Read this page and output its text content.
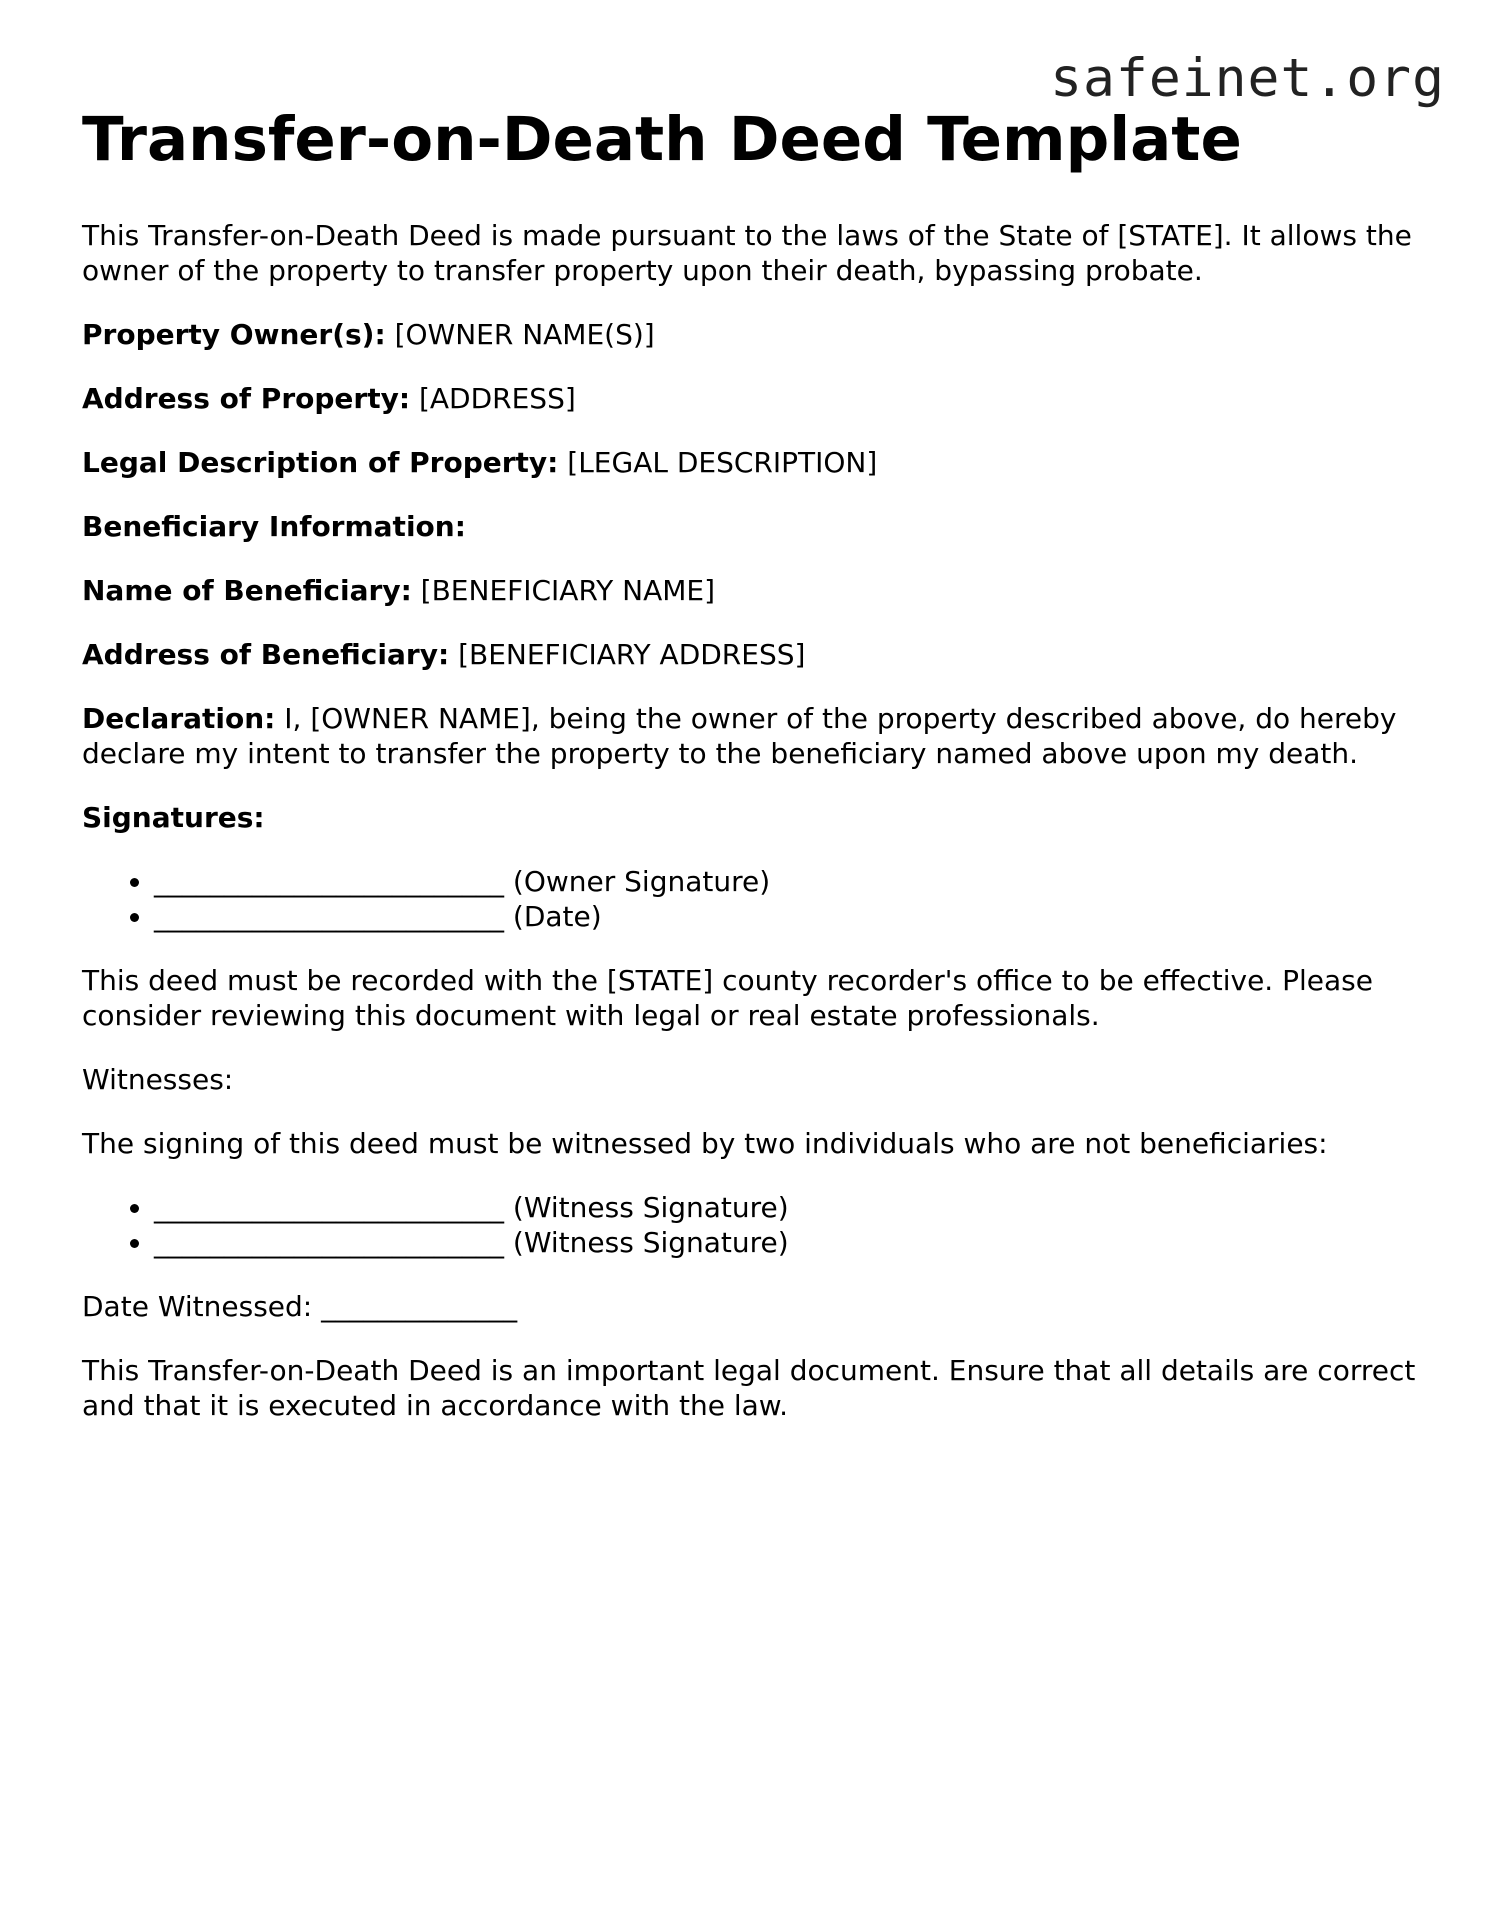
safeinet.org
Transfer-on-Death Deed Template

This Transfer-on-Death Deed is made pursuant to the laws of the State of [STATE]. It allows the owner of the property to transfer property upon their death, bypassing probate.

Property Owner(s): [OWNER NAME(S)]

Address of Property: [ADDRESS]

Legal Description of Property: [LEGAL DESCRIPTION]

Beneficiary Information:

Name of Beneficiary: [BENEFICIARY NAME]

Address of Beneficiary: [BENEFICIARY ADDRESS]

Declaration: I, [OWNER NAME], being the owner of the property described above, do hereby declare my intent to transfer the property to the beneficiary named above upon my death.

Signatures:

• _________________________ (Owner Signature)
• _________________________ (Date)

This deed must be recorded with the [STATE] county recorder's office to be effective. Please consider reviewing this document with legal or real estate professionals.

Witnesses:

The signing of this deed must be witnessed by two individuals who are not beneficiaries:

• _________________________ (Witness Signature)
• _________________________ (Witness Signature)

Date Witnessed: ______________

This Transfer-on-Death Deed is an important legal document. Ensure that all details are correct and that it is executed in accordance with the law.
